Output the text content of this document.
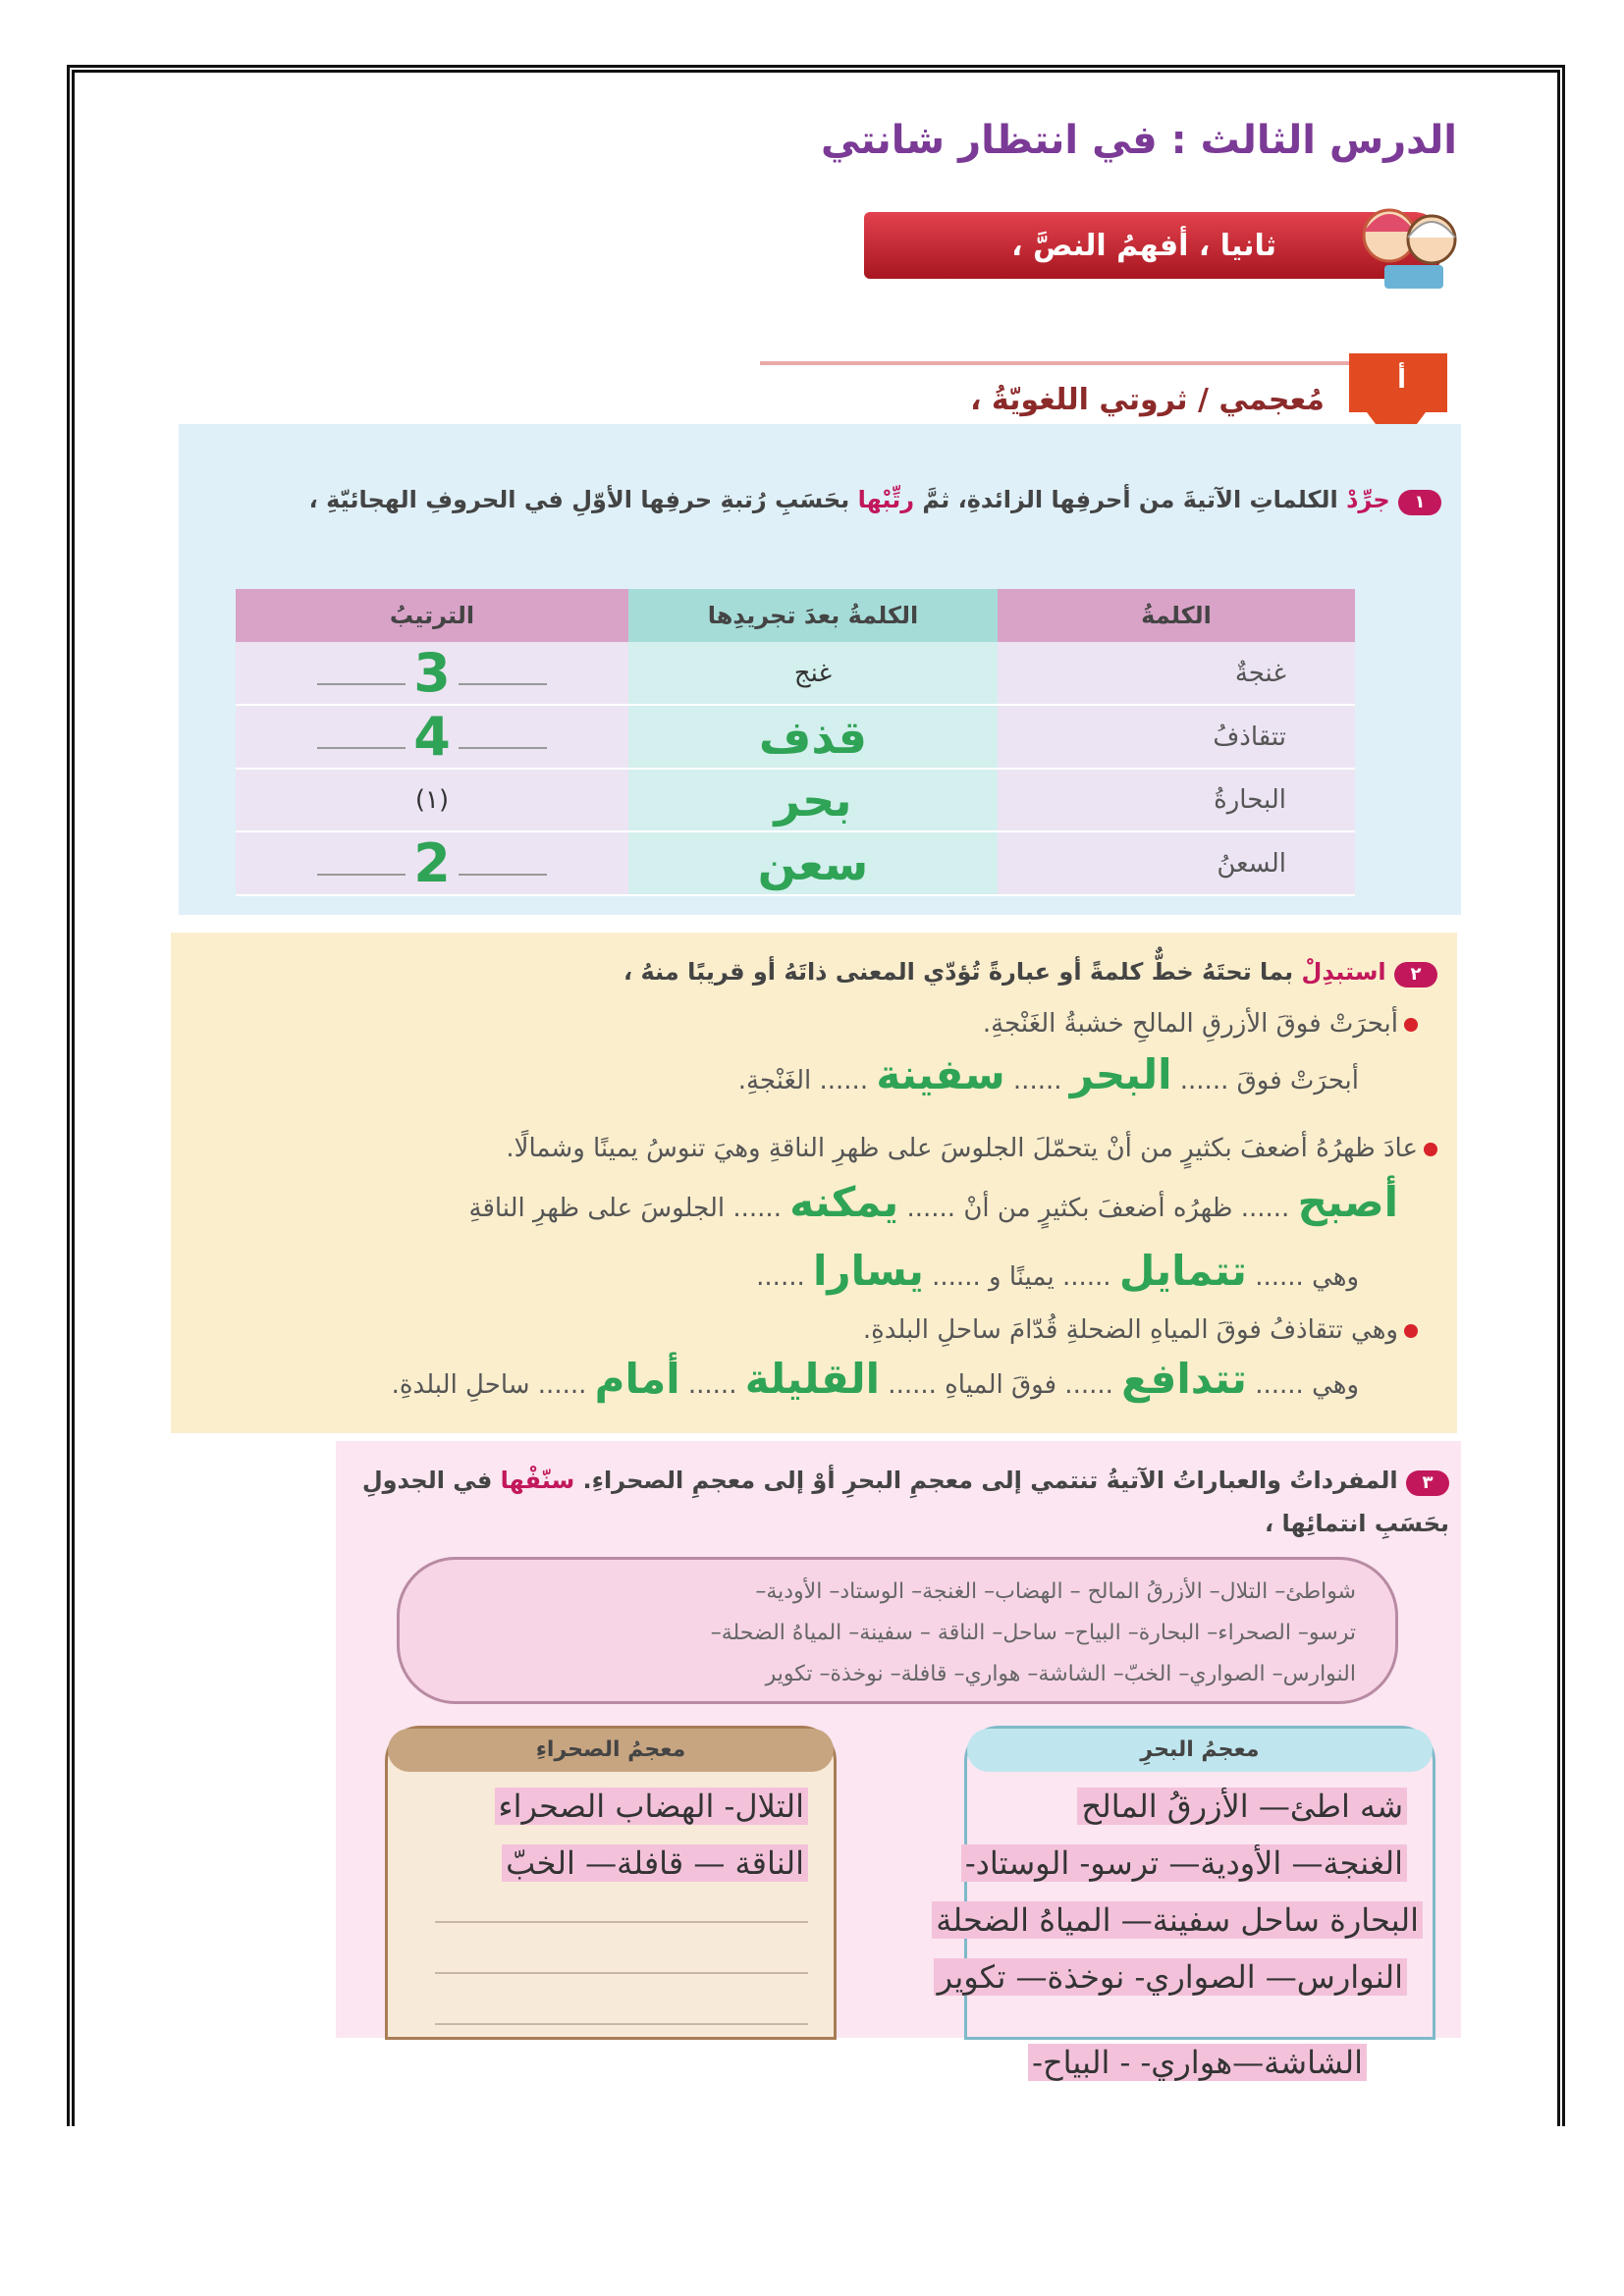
الدرس الثالث : في انتظار شانتي
ثانيا ، أفهمُ النصَّ ،
أ
مُعجمي / ثروتي اللغويّةُ ،
١ جرِّدْ الكلماتِ الآتيةَ من أحرفِها الزائدةِ، ثمَّ رتِّبْها بحَسَبِ رُتبةِ حرفِها الأوّلِ في الحروفِ الهجائيّةِ ،
الكلمةُ	الكلمةُ بعدَ تجريدِها	الترتيبُ
غنجةٌ	غنج	3
تتقاذفُ	قذف	4
البحارةُ	بحر	(١)
السعنُ	سعن	2
٢ استبدِلْ بما تحتَهُ خطٌّ كلمةً أو عبارةً تُؤدّي المعنى ذاتَهُ أو قريبًا منهُ ،
أبحرَتْ فوقَ الأزرقِ المالحِ خشبةُ الغَنْجةِ.
أبحرَتْ فوقَ ...... البحر ...... سفينة ...... الغَنْجةِ.
عادَ ظهرُهُ أضعفَ بكثيرٍ من أنْ يتحمّلَ الجلوسَ على ظهرِ الناقةِ وهيَ تنوسُ يمينًا وشمالًا.
أصبح ...... ظهرُه أضعفَ بكثيرٍ من أنْ ...... يمكنه ...... الجلوسَ على ظهرِ الناقةِ
وهي ...... تتمايل ...... يمينًا و ...... يسارا ......
وهي تتقاذفُ فوقَ المياهِ الضحلةِ قُدّامَ ساحلِ البلدةِ.
وهي ...... تتدافع ...... فوقَ المياهِ ...... القليلة ...... أمام ...... ساحلِ البلدةِ.
٣ المفرداتُ والعباراتُ الآتيةُ تنتمي إلى معجمِ البحرِ أوْ إلى معجمِ الصحراءِ. سنّفْها في الجدولِ بحَسَبِ انتمائِها ،
شواطئ– التلال– الأزرقُ المالح – الهضاب– الغنجة– الوستاد– الأودية–
ترسو– الصحراء– البحارة– البياح– ساحل– الناقة – سفينة– المياهُ الضحلة–
النوارس– الصواري– الخبّ– الشاشة– هواري– قافلة– نوخذة– تكوير
معجمُ الصحراءِ
التلال- الهضاب الصحراء
الناقة — قافلة— الخبّ
معجمُ البحرِ
شه اطئ— الأزرقُ المالح
الغنجة— الأودية— ترسو- الوستاد-
البحارة ساحل سفينة— المياهُ الضحلة
النوارس— الصواري- نوخذة— تكوير
الشاشة—هواري- - البياح-
